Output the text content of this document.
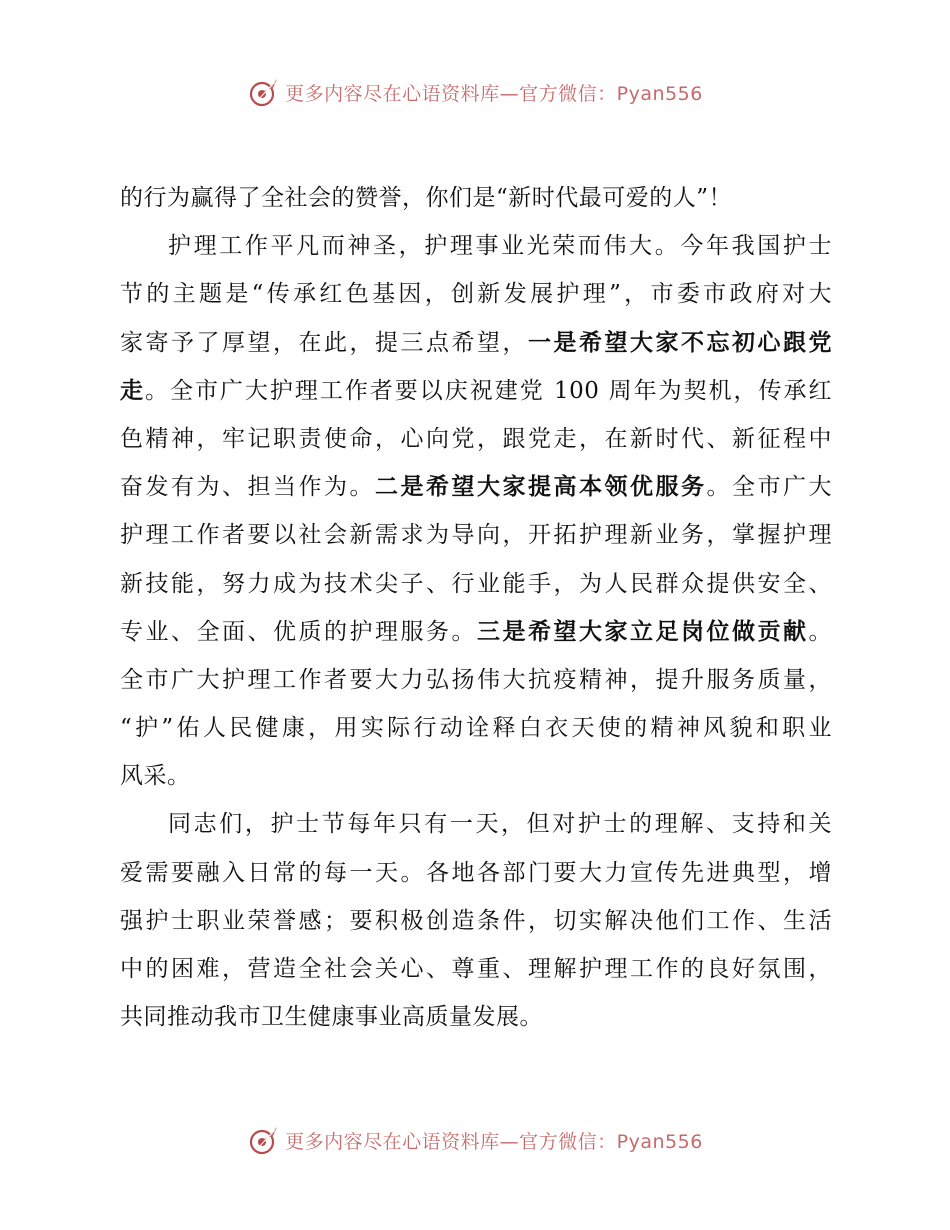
更多内容尽在心语资料库—官方微信：Pyan556
的行为赢得了全社会的赞誉，你们是“新时代最可爱的人”！
护理工作平凡而神圣，护理事业光荣而伟大。今年我国护士
节的主题是“传承红色基因，创新发展护理”，市委市政府对大
家寄予了厚望，在此，提三点希望，一是希望大家不忘初心跟党
走。全市广大护理工作者要以庆祝建党 100 周年为契机，传承红
色精神，牢记职责使命，心向党，跟党走，在新时代、新征程中
奋发有为、担当作为。二是希望大家提高本领优服务。全市广大
护理工作者要以社会新需求为导向，开拓护理新业务，掌握护理
新技能，努力成为技术尖子、行业能手，为人民群众提供安全、
专业、全面、优质的护理服务。三是希望大家立足岗位做贡献。
全市广大护理工作者要大力弘扬伟大抗疫精神，提升服务质量，
“护”佑人民健康，用实际行动诠释白衣天使的精神风貌和职业
风采。
同志们，护士节每年只有一天，但对护士的理解、支持和关
爱需要融入日常的每一天。各地各部门要大力宣传先进典型，增
强护士职业荣誉感；要积极创造条件，切实解决他们工作、生活
中的困难，营造全社会关心、尊重、理解护理工作的良好氛围，
共同推动我市卫生健康事业高质量发展。
更多内容尽在心语资料库—官方微信：Pyan556
